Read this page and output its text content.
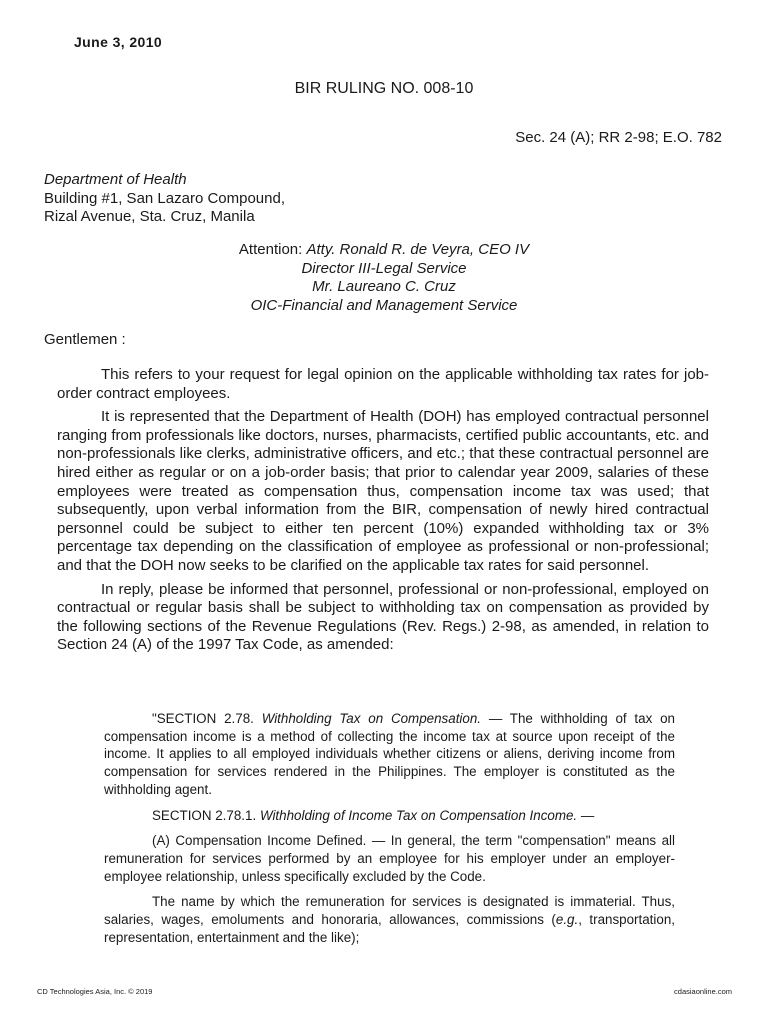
June 3, 2010
BIR RULING NO. 008-10
Sec. 24 (A); RR 2-98; E.O. 782
Department of Health
Building #1, San Lazaro Compound,
Rizal Avenue, Sta. Cruz, Manila
Attention: Atty. Ronald R. de Veyra, CEO IV
Director III-Legal Service
Mr. Laureano C. Cruz
OIC-Financial and Management Service
Gentlemen :

This refers to your request for legal opinion on the applicable withholding tax rates for job-order contract employees.

It is represented that the Department of Health (DOH) has employed contractual personnel ranging from professionals like doctors, nurses, pharmacists, certified public accountants, etc. and non-professionals like clerks, administrative officers, and etc.; that these contractual personnel are hired either as regular or on a job-order basis; that prior to calendar year 2009, salaries of these employees were treated as compensation thus, compensation income tax was used; that subsequently, upon verbal information from the BIR, compensation of newly hired contractual personnel could be subject to either ten percent (10%) expanded withholding tax or 3% percentage tax depending on the classification of employee as professional or non-professional; and that the DOH now seeks to be clarified on the applicable tax rates for said personnel.

In reply, please be informed that personnel, professional or non-professional, employed on contractual or regular basis shall be subject to withholding tax on compensation as provided by the following sections of the Revenue Regulations (Rev. Regs.) 2-98, as amended, in relation to Section 24 (A) of the 1997 Tax Code, as amended:

"SECTION 2.78. Withholding Tax on Compensation. — The withholding of tax on compensation income is a method of collecting the income tax at source upon receipt of the income. It applies to all employed individuals whether citizens or aliens, deriving income from compensation for services rendered in the Philippines. The employer is constituted as the withholding agent.

SECTION 2.78.1. Withholding of Income Tax on Compensation Income. —

(A) Compensation Income Defined. — In general, the term "compensation" means all remuneration for services performed by an employee for his employer under an employer-employee relationship, unless specifically excluded by the Code.

The name by which the remuneration for services is designated is immaterial. Thus, salaries, wages, emoluments and honoraria, allowances, commissions (e.g., transportation, representation, entertainment and the like);

CD Technologies Asia, Inc. © 2019	cdasiaonline.com
